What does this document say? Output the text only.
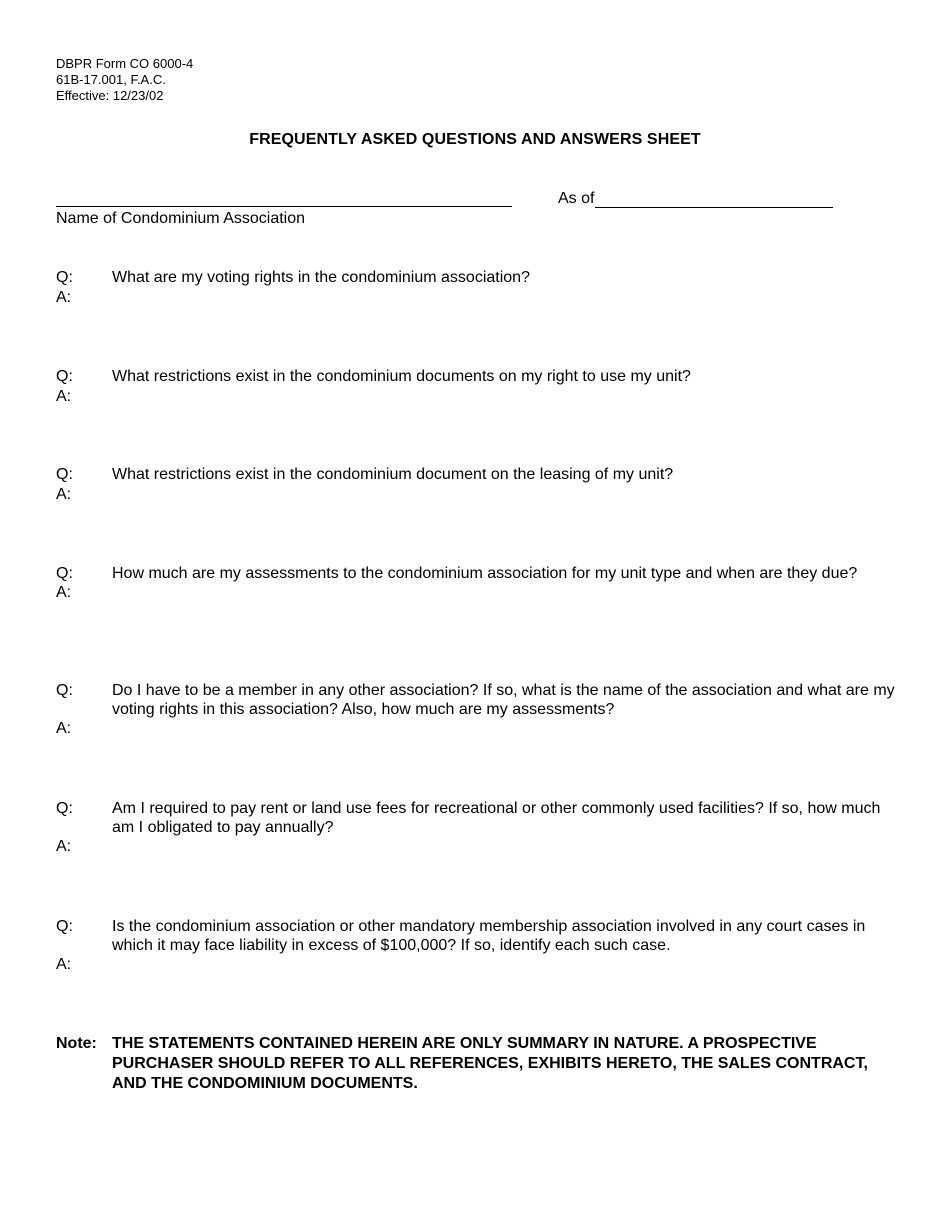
DBPR Form CO 6000-4
61B-17.001, F.A.C.
Effective: 12/23/02
FREQUENTLY ASKED QUESTIONS AND ANSWERS SHEET
Name of Condominium Association
As of
Q:	What are my voting rights in the condominium association?
A:
Q:	What restrictions exist in the condominium documents on my right to use my unit?
A:
Q:	What restrictions exist in the condominium document on the leasing of my unit?
A:
Q:	How much are my assessments to the condominium association for my unit type and when are they due?
A:
Q:	Do I have to be a member in any other association? If so, what is the name of the association and what are my voting rights in this association? Also, how much are my assessments?
A:
Q:	Am I required to pay rent or land use fees for recreational or other commonly used facilities? If so, how much am I obligated to pay annually?
A:
Q:	Is the condominium association or other mandatory membership association involved in any court cases in which it may face liability in excess of $100,000? If so, identify each such case.
A:
Note: THE STATEMENTS CONTAINED HEREIN ARE ONLY SUMMARY IN NATURE. A PROSPECTIVE PURCHASER SHOULD REFER TO ALL REFERENCES, EXHIBITS HERETO, THE SALES CONTRACT, AND THE CONDOMINIUM DOCUMENTS.
